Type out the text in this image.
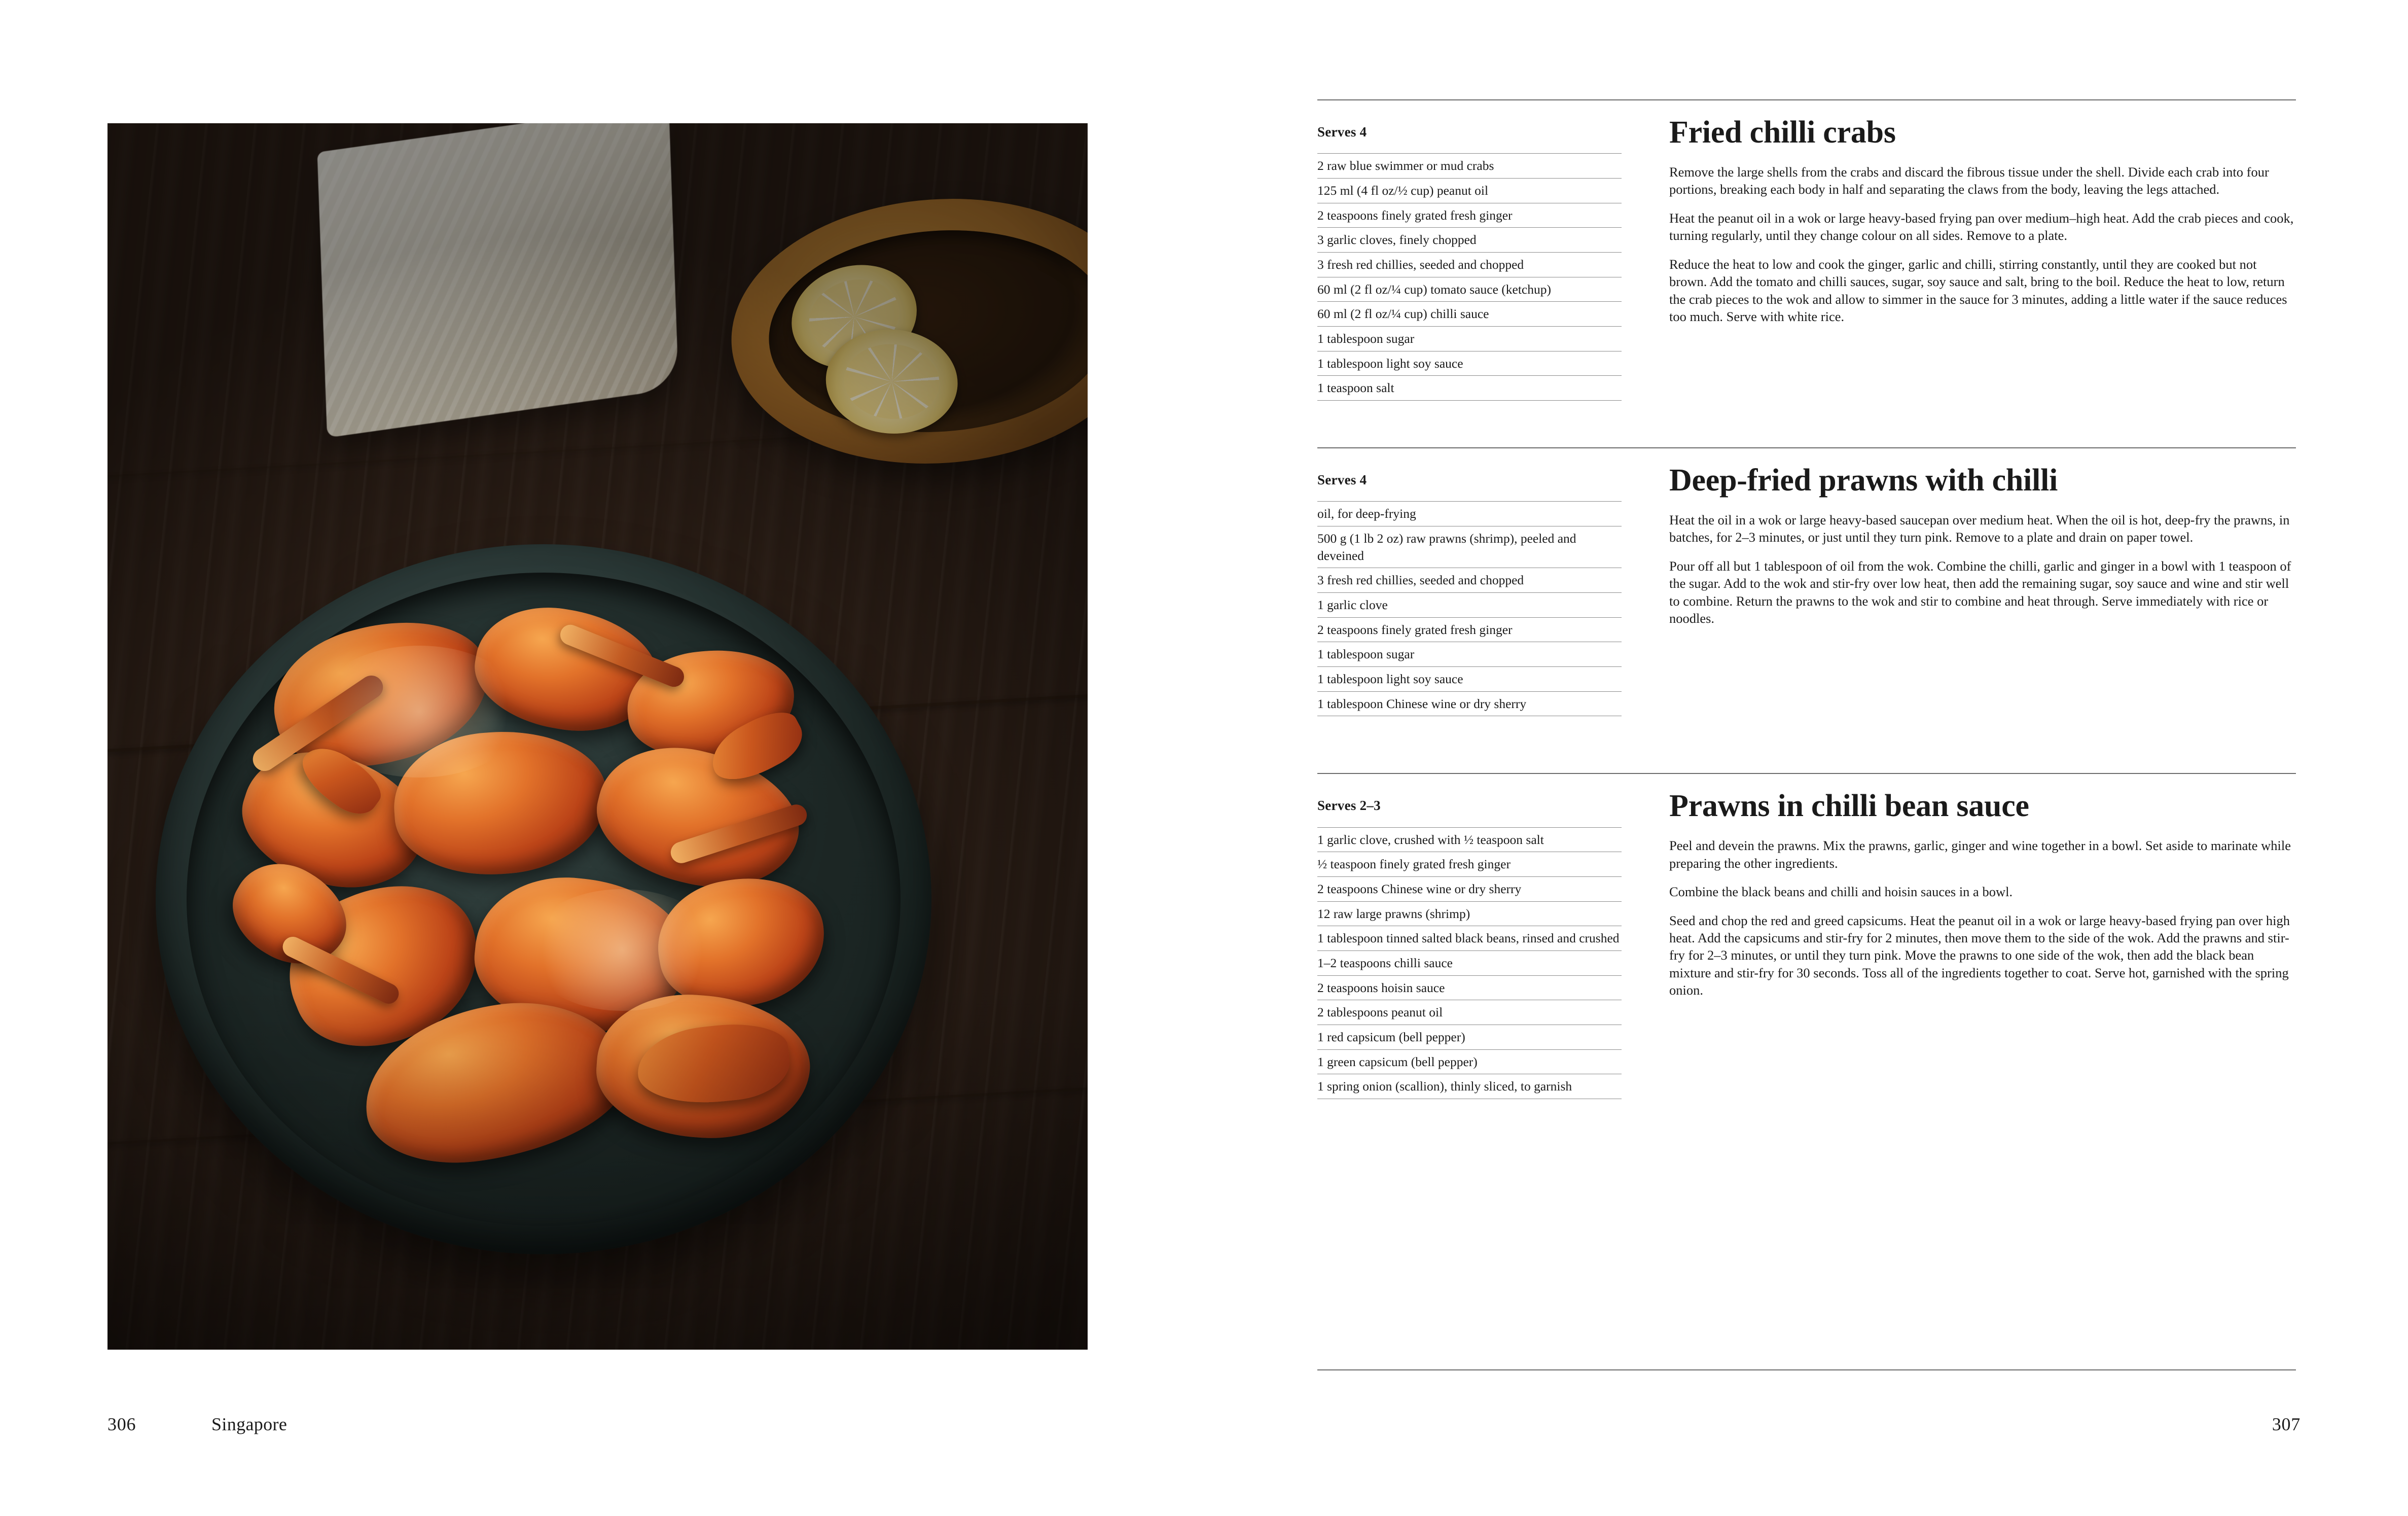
306	Singapore
Serves 4
2 raw blue swimmer or mud crabs
125 ml (4 fl oz/½ cup) peanut oil
2 teaspoons finely grated fresh ginger
3 garlic cloves, finely chopped
3 fresh red chillies, seeded and chopped
60 ml (2 fl oz/¼ cup) tomato sauce (ketchup)
60 ml (2 fl oz/¼ cup) chilli sauce
1 tablespoon sugar
1 tablespoon light soy sauce
1 teaspoon salt
Fried chilli crabs

Remove the large shells from the crabs and discard the fibrous tissue under the shell. Divide each crab into four portions, breaking each body in half and separating the claws from the body, leaving the legs attached.

Heat the peanut oil in a wok or large heavy-based frying pan over medium–high heat. Add the crab pieces and cook, turning regularly, until they change colour on all sides. Remove to a plate.

Reduce the heat to low and cook the ginger, garlic and chilli, stirring constantly, until they are cooked but not brown. Add the tomato and chilli sauces, sugar, soy sauce and salt, bring to the boil. Reduce the heat to low, return the crab pieces to the wok and allow to simmer in the sauce for 3 minutes, adding a little water if the sauce reduces too much. Serve with white rice.

Serves 4
oil, for deep-frying
500 g (1 lb 2 oz) raw prawns (shrimp), peeled and deveined
3 fresh red chillies, seeded and chopped
1 garlic clove
2 teaspoons finely grated fresh ginger
1 tablespoon sugar
1 tablespoon light soy sauce
1 tablespoon Chinese wine or dry sherry
Deep-fried prawns with chilli

Heat the oil in a wok or large heavy-based saucepan over medium heat. When the oil is hot, deep-fry the prawns, in batches, for 2–3 minutes, or just until they turn pink. Remove to a plate and drain on paper towel.

Pour off all but 1 tablespoon of oil from the wok. Combine the chilli, garlic and ginger in a bowl with 1 teaspoon of the sugar. Add to the wok and stir-fry over low heat, then add the remaining sugar, soy sauce and wine and stir well to combine. Return the prawns to the wok and stir to combine and heat through. Serve immediately with rice or noodles.

Serves 2–3
1 garlic clove, crushed with ½ teaspoon salt
½ teaspoon finely grated fresh ginger
2 teaspoons Chinese wine or dry sherry
12 raw large prawns (shrimp)
1 tablespoon tinned salted black beans, rinsed and crushed
1–2 teaspoons chilli sauce
2 teaspoons hoisin sauce
2 tablespoons peanut oil
1 red capsicum (bell pepper)
1 green capsicum (bell pepper)
1 spring onion (scallion), thinly sliced, to garnish
Prawns in chilli bean sauce

Peel and devein the prawns. Mix the prawns, garlic, ginger and wine together in a bowl. Set aside to marinate while preparing the other ingredients.

Combine the black beans and chilli and hoisin sauces in a bowl.

Seed and chop the red and greed capsicums. Heat the peanut oil in a wok or large heavy-based frying pan over high heat. Add the capsicums and stir-fry for 2 minutes, then move them to the side of the wok. Add the prawns and stir-fry for 2–3 minutes, or until they turn pink. Move the prawns to one side of the wok, then add the black bean mixture and stir-fry for 30 seconds. Toss all of the ingredients together to coat. Serve hot, garnished with the spring onion.

307
